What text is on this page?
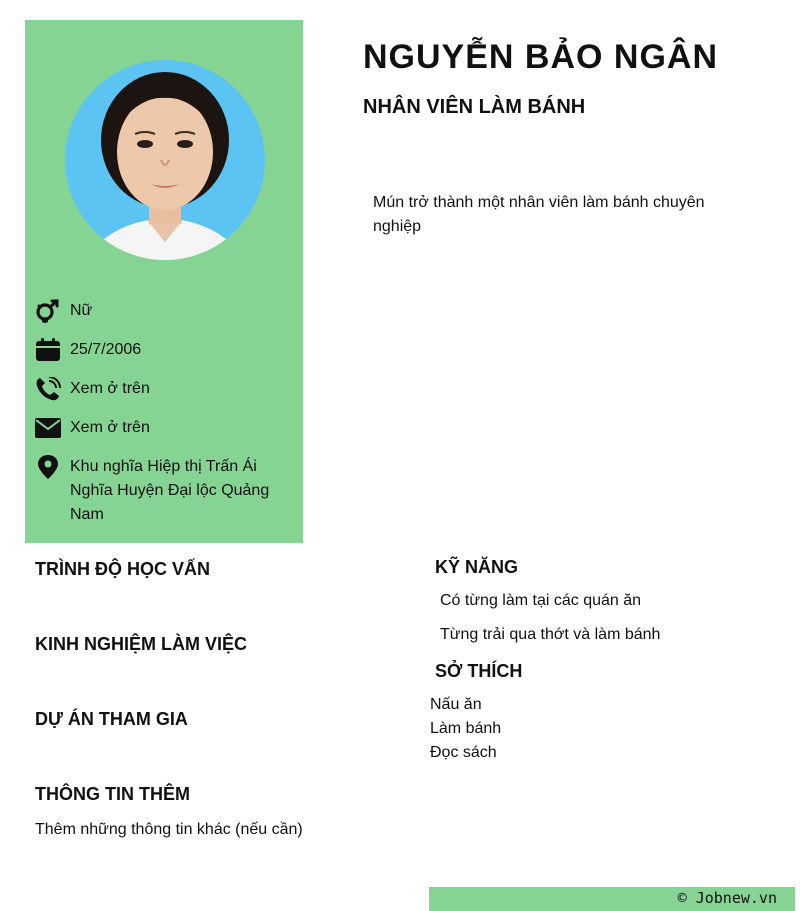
Nữ
25/7/2006
Xem ở trên
Xem ở trên
Khu nghĩa Hiệp thị Trấn Ái Nghĩa Huyện Đại lộc Quảng Nam
NGUYỄN BẢO NGÂN
NHÂN VIÊN LÀM BÁNH
Mún trở thành một nhân viên làm bánh chuyên nghiệp
TRÌNH ĐỘ HỌC VẤN
KINH NGHIỆM LÀM VIỆC
DỰ ÁN THAM GIA
THÔNG TIN THÊM
Thêm những thông tin khác (nếu cần)
KỸ NĂNG
Có từng làm tại các quán ăn
Từng trải qua thớt và làm bánh
SỞ THÍCH
Nấu ăn
Làm bánh
Đọc sách
© Jobnew.vn
